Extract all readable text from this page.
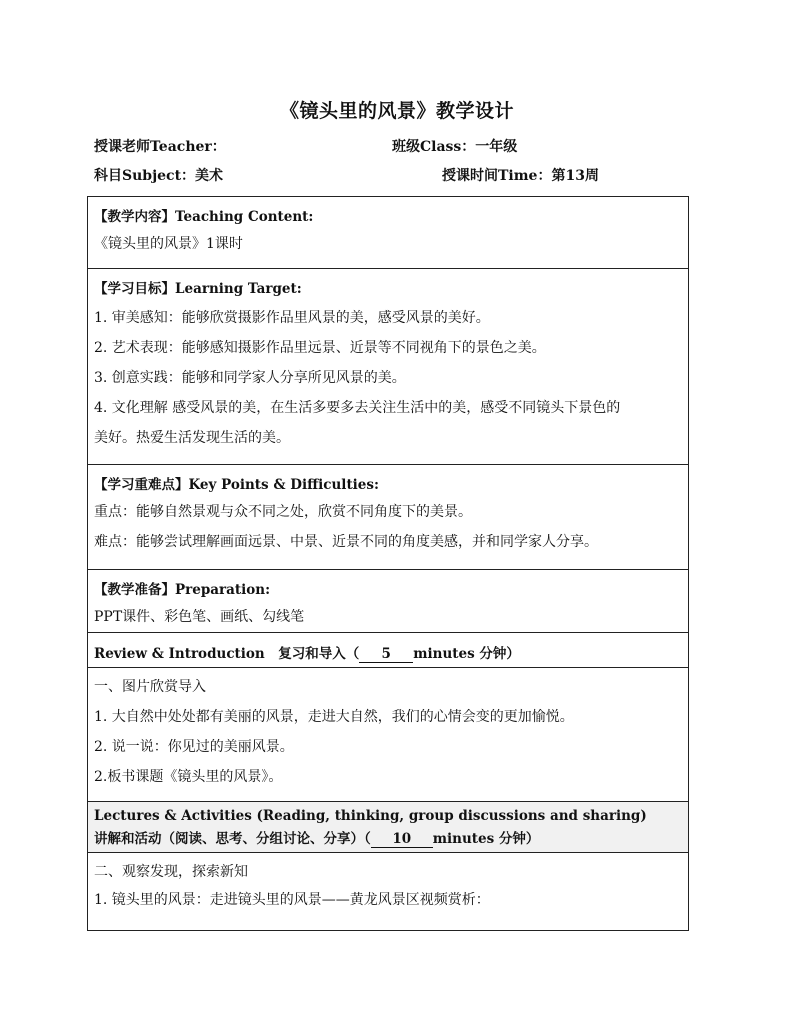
《镜头里的风景》教学设计
授课老师Teacher：	班级Class：一年级
科目Subject：美术	授课时间Time：第13周
【教学内容】Teaching Content:
《镜头里的风景》1课时
【学习目标】Learning Target:
1. 审美感知：能够欣赏摄影作品里风景的美，感受风景的美好。
2. 艺术表现：能够感知摄影作品里远景、近景等不同视角下的景色之美。
3. 创意实践：能够和同学家人分享所见风景的美。
4. 文化理解 感受风景的美，在生活多要多去关注生活中的美，感受不同镜头下景色的
美好。热爱生活发现生活的美。
【学习重难点】Key Points & Difficulties:
重点：能够自然景观与众不同之处，欣赏不同角度下的美景。
难点：能够尝试理解画面远景、中景、近景不同的角度美感，并和同学家人分享。
【教学准备】Preparation:
PPT课件、彩色笔、画纸、勾线笔
Review & Introduction　复习和导入（ 5 minutes 分钟）
一、图片欣赏导入
1. 大自然中处处都有美丽的风景，走进大自然，我们的心情会变的更加愉悦。
2. 说一说：你见过的美丽风景。
2.板书课题《镜头里的风景》。
Lectures & Activities (Reading, thinking, group discussions and sharing)
讲解和活动（阅读、思考、分组讨论、分享）（ 10 minutes 分钟）
二、观察发现，探索新知
1. 镜头里的风景：走进镜头里的风景——黄龙风景区视频赏析：
